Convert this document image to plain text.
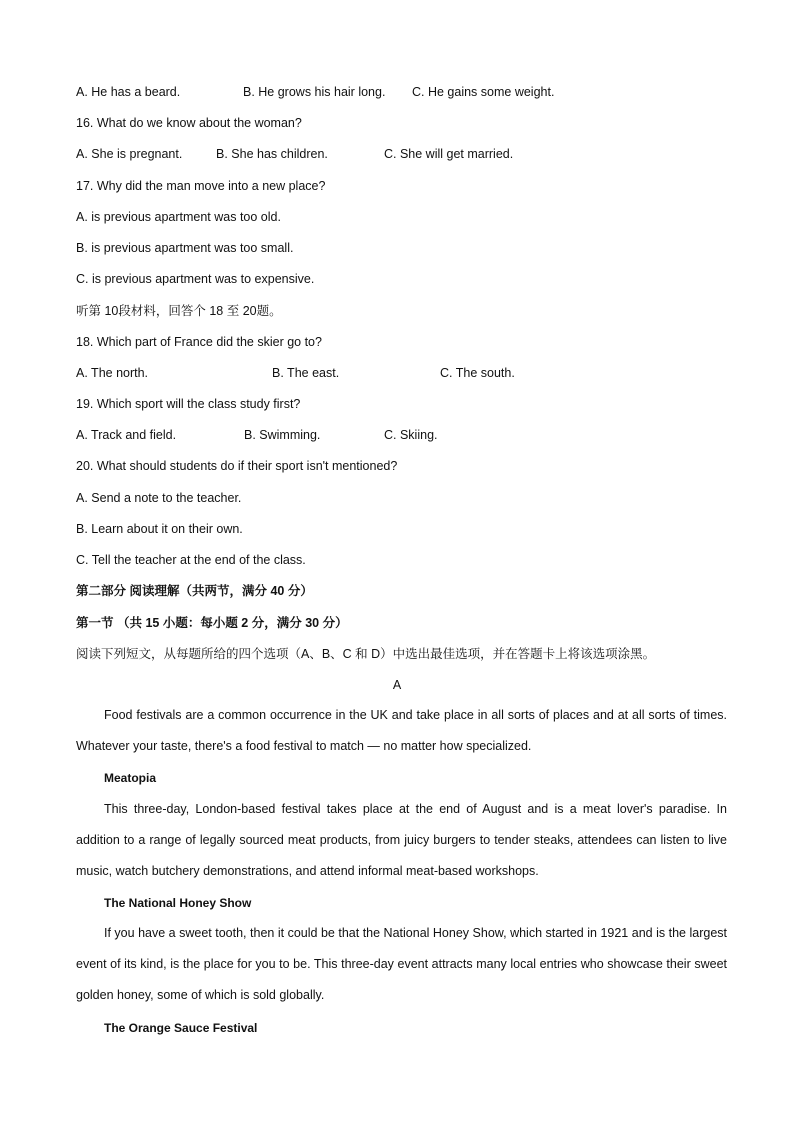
A. He has a beard.	B. He grows his hair long. C. He gains some weight.
16. What do we know about the woman?
A. She is pregnant.	B. She has children.	C. She will get married.
17. Why did the man move into a new place?
A. is previous apartment was too old.
B. is previous apartment was too small.
C. is previous apartment was to expensive.
听第 10段材料，回答个 18 至 20题。
18. Which part of France did the skier go to?
A. The north.	B. The east.	C. The south.
19. Which sport will the class study first?
A. Track and field.	B. Swimming.	C. Skiing.
20. What should students do if their sport isn't mentioned?
A. Send a note to the teacher.
B. Learn about it on their own.
C. Tell the teacher at the end of the class.
第二部分 阅读理解（共两节，满分 40 分）
第一节 （共 15 小题：每小题 2 分，满分 30 分）
阅读下列短文，从每题所给的四个选项（A、B、C 和 D）中选出最佳选项，并在答题卡上将该选项涂黑。
A
Food festivals are a common occurrence in the UK and take place in all sorts of places and at all sorts of times. Whatever your taste, there's a food festival to match — no matter how specialized.
Meatopia
This three-day, London-based festival takes place at the end of August and is a meat lover's paradise. In addition to a range of legally sourced meat products, from juicy burgers to tender steaks, attendees can listen to live music, watch butchery demonstrations, and attend informal meat-based workshops.
The National Honey Show
If you have a sweet tooth, then it could be that the National Honey Show, which started in 1921 and is the largest event of its kind, is the place for you to be. This three-day event attracts many local entries who showcase their sweet golden honey, some of which is sold globally.
The Orange Sauce Festival
